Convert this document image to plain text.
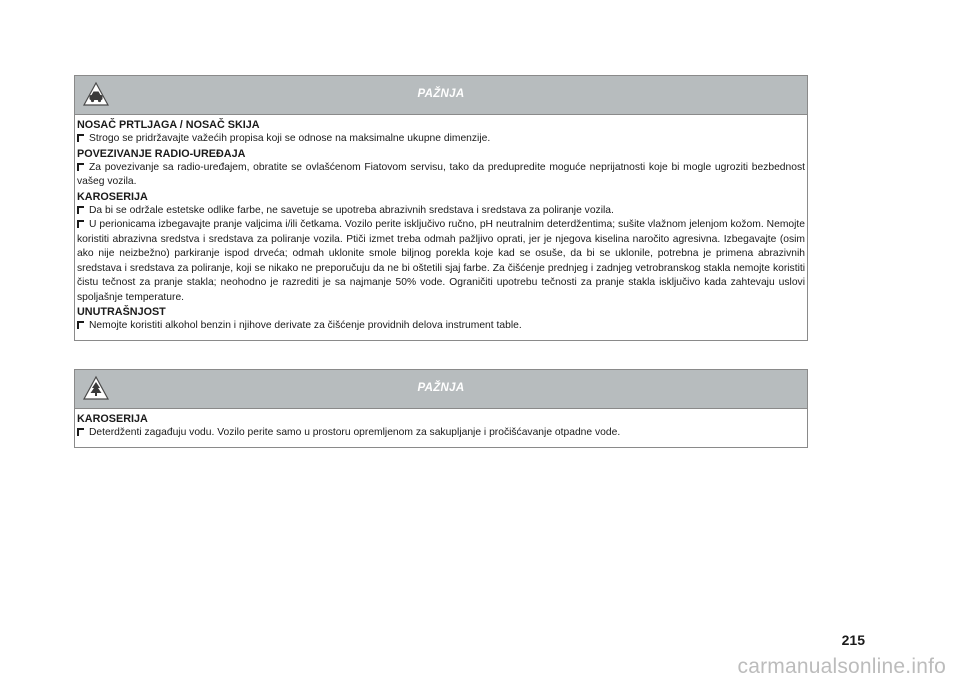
PAŽNJA
NOSAČ PRTLJAGA / NOSAČ SKIJA
Strogo se pridržavajte važećih propisa koji se odnose na maksimalne ukupne dimenzije.
POVEZIVANJE RADIO-UREĐAJA
Za povezivanje sa radio-uređajem, obratite se ovlašćenom Fiatovom servisu, tako da predupredite moguće neprijatnosti koje bi mogle ugroziti bezbednost vašeg vozila.
KAROSERIJA
Da bi se održale estetske odlike farbe, ne savetuje se upotreba abrazivnih sredstava i sredstava za poliranje vozila.
U perionicama izbegavajte pranje valjcima i/ili četkama. Vozilo perite isključivo ručno, pH neutralnim deterdžentima; sušite vlažnom jelenjom kožom. Nemojte koristiti abrazivna sredstva i sredstava za poliranje vozila. Ptiči izmet treba odmah pažljivo oprati, jer je njegova kiselina naročito agresivna. Izbegavajte (osim ako nije neizbežno) parkiranje ispod drveća; odmah uklonite smole biljnog porekla koje kad se osuše, da bi se uklonile, potrebna je primena abrazivnih sredstava i sredstava za poliranje, koji se nikako ne preporučuju da ne bi oštetili sjaj farbe. Za čišćenje prednjeg i zadnjeg vetrobranskog stakla nemojte koristiti čistu tečnost za pranje stakla; neohodno je razrediti je sa najmanje 50% vode. Ograničiti upotrebu tečnosti za pranje stakla isključivo kada zahtevaju uslovi spoljašnje temperature.
UNUTRAŠNJOST
Nemojte koristiti alkohol benzin i njihove derivate za čišćenje providnih delova instrument table.
PAŽNJA
KAROSERIJA
Deterdženti zagađuju vodu. Vozilo perite samo u prostoru opremljenom za sakupljanje i pročišćavanje otpadne vode.
215
carmanualsonline.info
